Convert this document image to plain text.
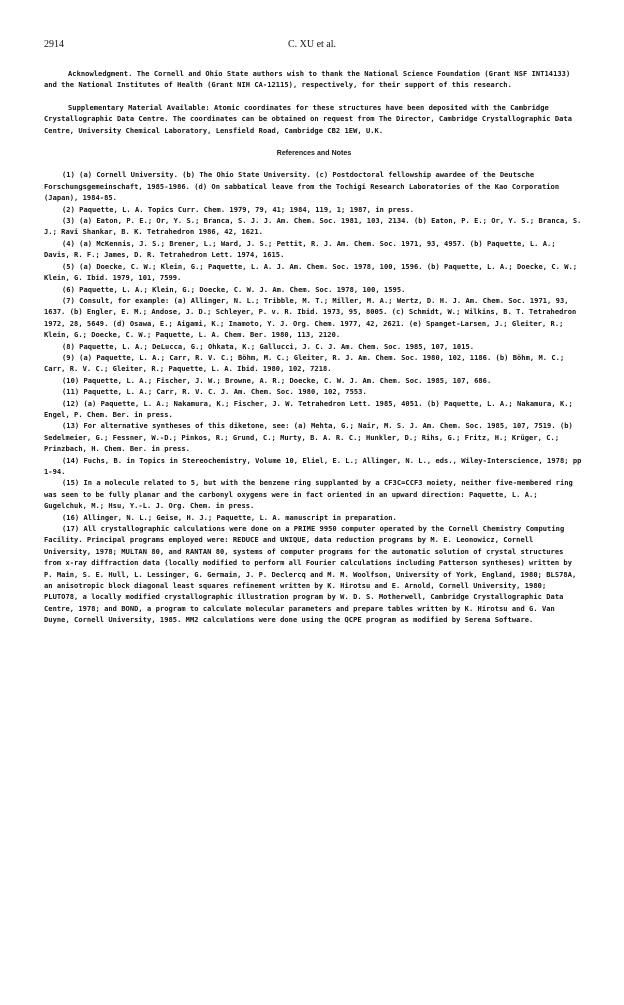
2914	C. XU et al.

Acknowledgment. The Cornell and Ohio State authors wish to thank the National Science Foundation (Grant NSF INT14133) and the National Institutes of Health (Grant NIH CA-12115), respectively, for their support of this research.

Supplementary Material Available: Atomic coordinates for these structures have been deposited with the Cambridge Crystallographic Data Centre. The coordinates can be obtained on request from The Director, Cambridge Crystallographic Data Centre, University Chemical Laboratory, Lensfield Road, Cambridge CB2 1EW, U.K.

References and Notes

(1) (a) Cornell University. (b) The Ohio State University. (c) Postdoctoral fellowship awardee of the Deutsche Forschungsgemeinschaft, 1985-1986. (d) On sabbatical leave from the Tochigi Research Laboratories of the Kao Corporation (Japan), 1984-85.

(2) Paquette, L. A. Topics Curr. Chem. 1979, 79, 41; 1984, 119, 1; 1987, in press.

(3) (a) Eaton, P. E.; Or, Y. S.; Branca, S. J. J. Am. Chem. Soc. 1981, 103, 2134. (b) Eaton, P. E.; Or, Y. S.; Branca, S. J.; Ravi Shankar, B. K. Tetrahedron 1986, 42, 1621.

(4) (a) McKennis, J. S.; Brener, L.; Ward, J. S.; Pettit, R. J. Am. Chem. Soc. 1971, 93, 4957. (b) Paquette, L. A.; Davis, R. F.; James, D. R. Tetrahedron Lett. 1974, 1615.

(5) (a) Doecke, C. W.; Klein, G.; Paquette, L. A. J. Am. Chem. Soc. 1978, 100, 1596. (b) Paquette, L. A.; Doecke, C. W.; Klein, G. Ibid. 1979, 101, 7599.

(6) Paquette, L. A.; Klein, G.; Doecke, C. W. J. Am. Chem. Soc. 1978, 100, 1595.

(7) Consult, for example: (a) Allinger, N. L.; Tribble, M. T.; Miller, M. A.; Wertz, D. H. J. Am. Chem. Soc. 1971, 93, 1637. (b) Engler, E. M.; Andose, J. D.; Schleyer, P. v. R. Ibid. 1973, 95, 8005. (c) Schmidt, W.; Wilkins, B. T. Tetrahedron 1972, 28, 5649. (d) Osawa, E.; Aigami, K.; Inamoto, Y. J. Org. Chem. 1977, 42, 2621. (e) Spanget-Larsen, J.; Gleiter, R.; Klein, G.; Doecke, C. W.; Paquette, L. A. Chem. Ber. 1980, 113, 2120.

(8) Paquette, L. A.; DeLucca, G.; Ohkata, K.; Gallucci, J. C. J. Am. Chem. Soc. 1985, 107, 1015.

(9) (a) Paquette, L. A.; Carr, R. V. C.; Böhm, M. C.; Gleiter, R. J. Am. Chem. Soc. 1980, 102, 1186. (b) Böhm, M. C.; Carr, R. V. C.; Gleiter, R.; Paquette, L. A. Ibid. 1980, 102, 7218.

(10) Paquette, L. A.; Fischer, J. W.; Browne, A. R.; Doecke, C. W. J. Am. Chem. Soc. 1985, 107, 686.

(11) Paquette, L. A.; Carr, R. V. C. J. Am. Chem. Soc. 1980, 102, 7553.

(12) (a) Paquette, L. A.; Nakamura, K.; Fischer, J. W. Tetrahedron Lett. 1985, 4051. (b) Paquette, L. A.; Nakamura, K.; Engel, P. Chem. Ber. in press.

(13) For alternative syntheses of this diketone, see: (a) Mehta, G.; Nair, M. S. J. Am. Chem. Soc. 1985, 107, 7519. (b) Sedelmeier, G.; Fessner, W.-D.; Pinkos, R.; Grund, C.; Murty, B. A. R. C.; Hunkler, D.; Rihs, G.; Fritz, H.; Krüger, C.; Prinzbach, H. Chem. Ber. in press.

(14) Fuchs, B. in Topics in Stereochemistry, Volume 10, Eliel, E. L.; Allinger, N. L., eds., Wiley-Interscience, 1978; pp 1-94.

(15) In a molecule related to 5, but with the benzene ring supplanted by a CF3C=CCF3 moiety, neither five-membered ring was seen to be fully planar and the carbonyl oxygens were in fact oriented in an upward direction: Paquette, L. A.; Gugelchuk, M.; Hsu, Y.-L. J. Org. Chem. in press.

(16) Allinger, N. L.; Geise, H. J.; Paquette, L. A. manuscript in preparation.

(17) All crystallographic calculations were done on a PRIME 9950 computer operated by the Cornell Chemistry Computing Facility. Principal programs employed were: REDUCE and UNIQUE, data reduction programs by M. E. Leonowicz, Cornell University, 1978; MULTAN 80, and RANTAN 80, systems of computer programs for the automatic solution of crystal structures from x-ray diffraction data (locally modified to perform all Fourier calculations including Patterson syntheses) written by P. Main, S. E. Hull, L. Lessinger, G. Germain, J. P. Declercq and M. M. Woolfson, University of York, England, 1980; BLS78A, an anisotropic block diagonal least squares refinement written by K. Hirotsu and E. Arnold, Cornell University, 1980; PLUTO78, a locally modified crystallographic illustration program by W. D. S. Motherwell, Cambridge Crystallographic Data Centre, 1978; and BOND, a program to calculate molecular parameters and prepare tables written by K. Hirotsu and G. Van Duyne, Cornell University, 1985. MM2 calculations were done using the QCPE program as modified by Serena Software.
